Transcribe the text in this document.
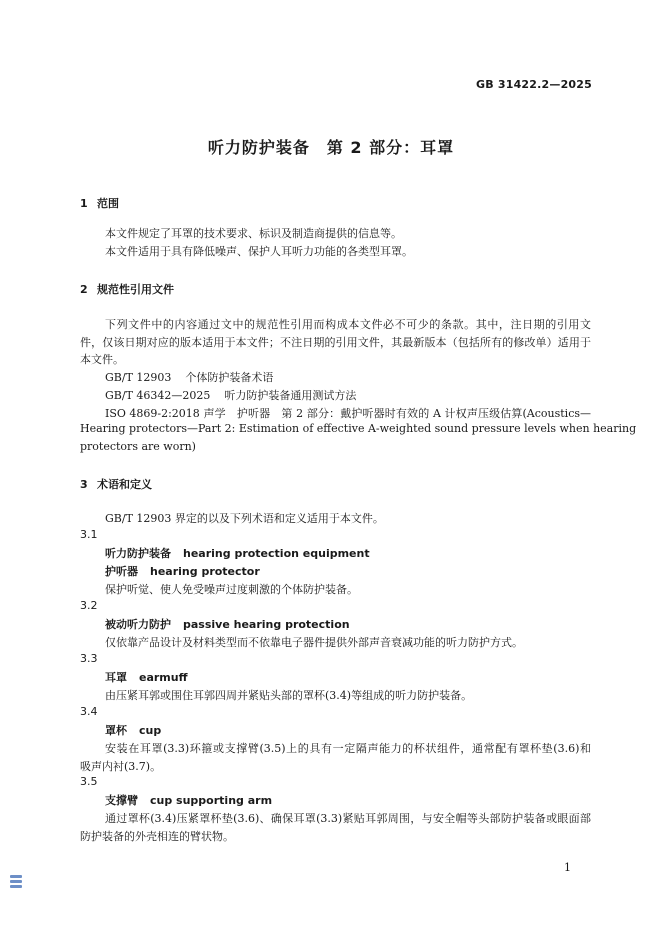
GB 31422.2—2025
听力防护装备　第 2 部分：耳罩
1 范围
本文件规定了耳罩的技术要求、标识及制造商提供的信息等。
本文件适用于具有降低噪声、保护人耳听力功能的各类型耳罩。
2 规范性引用文件
下列文件中的内容通过文中的规范性引用而构成本文件必不可少的条款。其中，注日期的引用文
件，仅该日期对应的版本适用于本文件；不注日期的引用文件，其最新版本（包括所有的修改单）适用于
本文件。
GB/T 12903 个体防护装备术语
GB/T 46342—2025 听力防护装备通用测试方法
ISO 4869-2:2018 声学　护听器　第 2 部分：戴护听器时有效的 A 计权声压级估算(Acoustics—
Hearing protectors—Part 2: Estimation of effective A-weighted sound pressure levels when hearing
protectors are worn)
3 术语和定义
GB/T 12903 界定的以及下列术语和定义适用于本文件。
3.1
听力防护装备 hearing protection equipment
护听器 hearing protector
保护听觉、使人免受噪声过度刺激的个体防护装备。
3.2
被动听力防护 passive hearing protection
仅依靠产品设计及材料类型而不依靠电子器件提供外部声音衰减功能的听力防护方式。
3.3
耳罩 earmuff
由压紧耳郭或围住耳郭四周并紧贴头部的罩杯(3.4)等组成的听力防护装备。
3.4
罩杯 cup
安装在耳罩(3.3)环箍或支撑臂(3.5)上的具有一定隔声能力的杯状组件，通常配有罩杯垫(3.6)和
吸声内衬(3.7)。
3.5
支撑臂 cup supporting arm
通过罩杯(3.4)压紧罩杯垫(3.6)、确保耳罩(3.3)紧贴耳郭周围，与安全帽等头部防护装备或眼面部
防护装备的外壳相连的臂状物。
1
